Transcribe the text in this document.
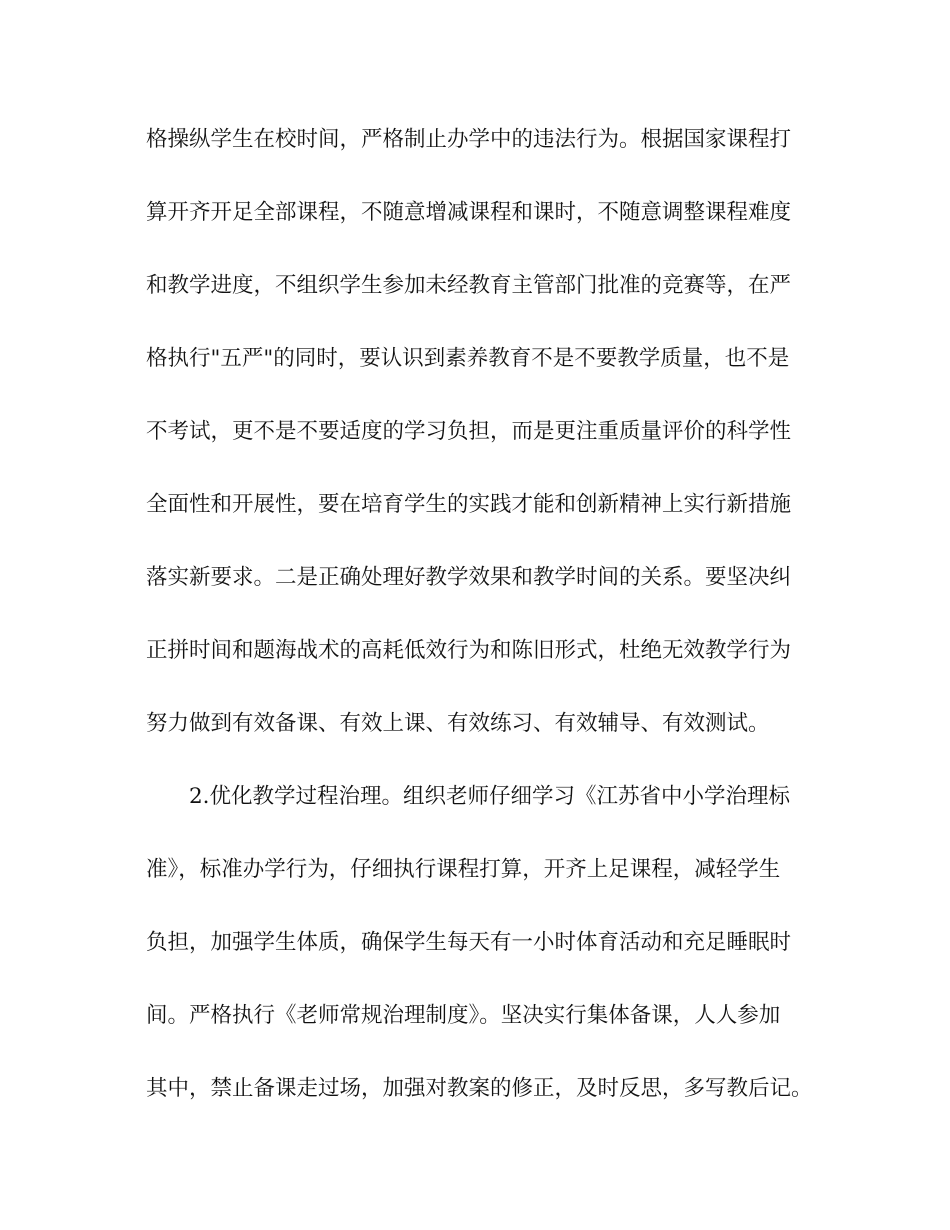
格操纵学生在校时间，严格制止办学中的违法行为。根据国家课程打
算开齐开足全部课程，不随意增减课程和课时，不随意调整课程难度
和教学进度，不组织学生参加未经教育主管部门批准的竞赛等，在严
格执行"五严"的同时，要认识到素养教育不是不要教学质量，也不是
不考试，更不是不要适度的学习负担，而是更注重质量评价的科学性
全面性和开展性，要在培育学生的实践才能和创新精神上实行新措施
落实新要求。二是正确处理好教学效果和教学时间的关系。要坚决纠
正拼时间和题海战术的高耗低效行为和陈旧形式，杜绝无效教学行为
努力做到有效备课、有效上课、有效练习、有效辅导、有效测试。
2.优化教学过程治理。组织老师仔细学习《江苏省中小学治理标
准》，标准办学行为，仔细执行课程打算，开齐上足课程，减轻学生
负担，加强学生体质，确保学生每天有一小时体育活动和充足睡眠时
间。严格执行《老师常规治理制度》。坚决实行集体备课，人人参加
其中，禁止备课走过场，加强对教案的修正，及时反思，多写教后记。
